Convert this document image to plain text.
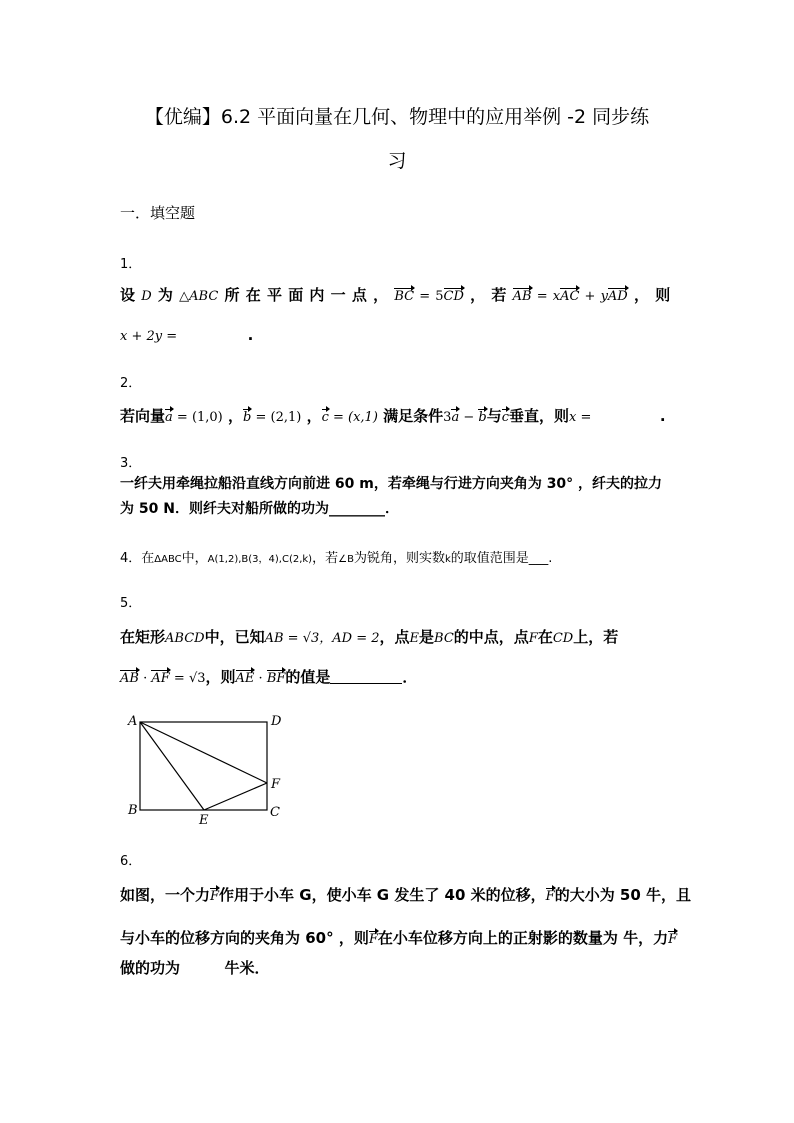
【优编】6.2 平面向量在几何、物理中的应用举例 -2 同步练
习
一．填空题
1．
设 D 为 △ABC 所 在 平 面 内 一 点 ， BC = 5CD ， 若 AB = xAC + yAD ， 则
x + 2y =	.
2．
若向量a = (1,0) ，b = (2,1) ，c = (x,1) 满足条件3a − b与c垂直，则x =	.
3．
一纤夫用牵绳拉船沿直线方向前进 60 m，若牵绳与行进方向夹角为 30° ，纤夫的拉力
为 50 N．则纤夫对船所做的功为________．
4．在ΔABC中，A(1,2),B(3，4),C(2,k)，若∠B为锐角，则实数k的取值范围是___.
5．
在矩形ABCD中，已知AB = √3，AD = 2，点E是BC的中点，点F在CD上，若
AB · AF = √3，则AE · BF的值是	．
A	D
F
B	C
E
6．
如图，一个力F作用于小车 G，使小车 G 发生了 40 米的位移，F的大小为 50 牛，且
与小车的位移方向的夹角为 60° ，则F在小车位移方向上的正射影的数量为 牛，力F
做的功为	牛米．
